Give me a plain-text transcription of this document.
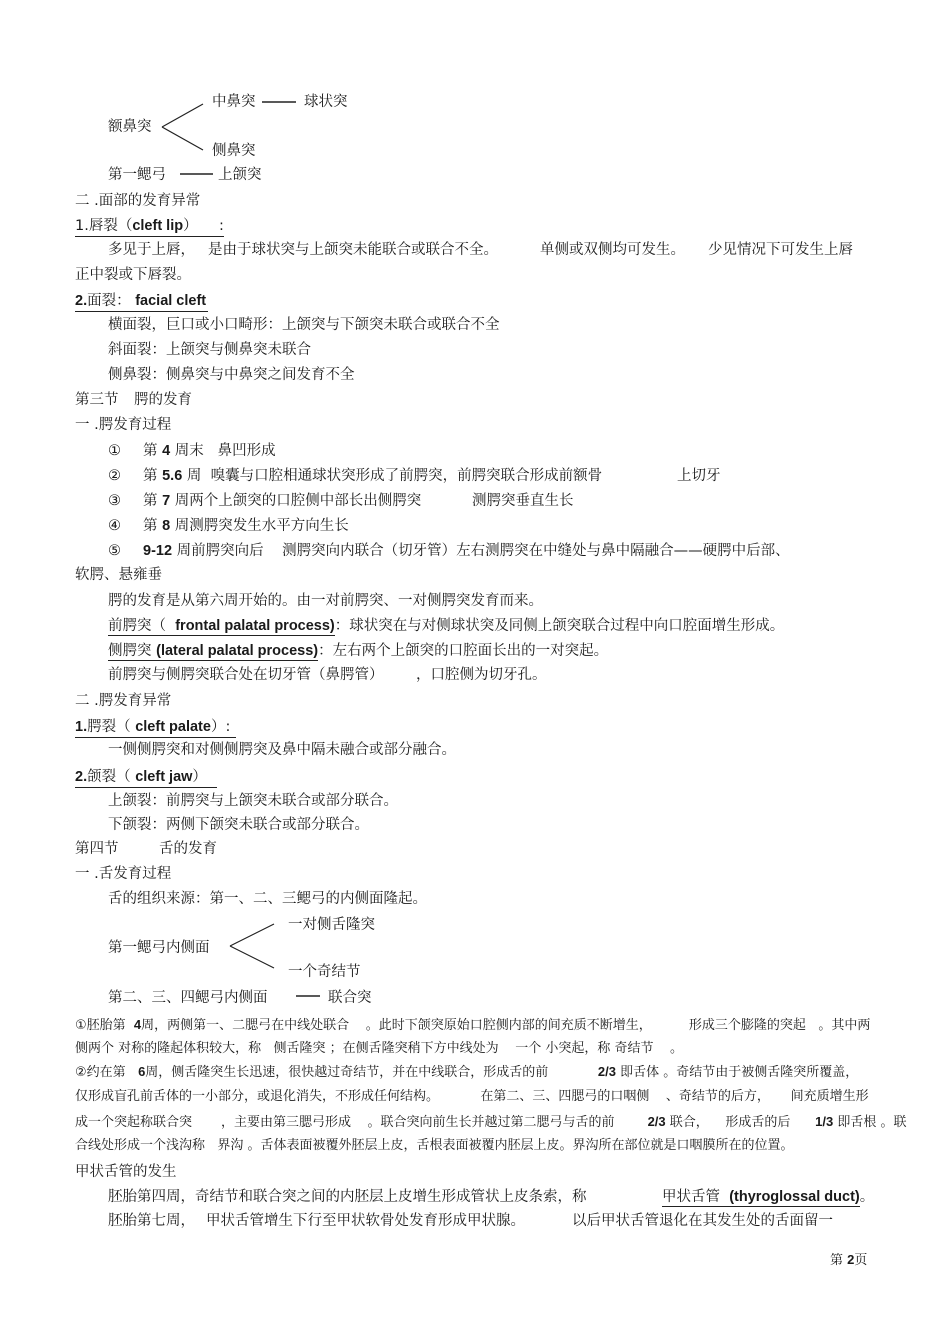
中鼻突	球状突
额鼻突
侧鼻突
第一鳃弓	上颌突
二 .面部的发育异常
1.唇裂（cleft lip）	:
多见于上唇， 是由于球状突与上颌突未能联合或联合不全。	单侧或双侧均可发生。 少见情况下可发生上唇
正中裂或下唇裂。
2.面裂： facial cleft
横面裂，巨口或小口畸形：上颌突与下颌突未联合或联合不全
斜面裂：上颌突与侧鼻突未联合
侧鼻裂：侧鼻突与中鼻突之间发育不全
第三节 腭的发育
一 .腭发育过程
① 第 4 周末 鼻凹形成
② 第 5.6 周 嗅囊与口腔相通球状突形成了前腭突，前腭突联合形成前额骨	上切牙
③ 第 7 周两个上颌突的口腔侧中部长出侧腭突	测腭突垂直生长
④ 第 8 周测腭突发生水平方向生长
⑤ 9-12 周前腭突向后 测腭突向内联合（切牙管）左右测腭突在中缝处与鼻中隔融合——硬腭中后部、
软腭、悬雍垂
腭的发育是从第六周开始的。由一对前腭突、一对侧腭突发育而来。
前腭突（ frontal palatal process)：球状突在与对侧球状突及同侧上颌突联合过程中向口腔面增生形成。
侧腭突 (lateral palatal process)：左右两个上颌突的口腔面长出的一对突起。
前腭突与侧腭突联合处在切牙管（鼻腭管） ，口腔侧为切牙孔。
二 .腭发育异常
1.腭裂（ cleft palate）:
一侧侧腭突和对侧侧腭突及鼻中隔未融合或部分融合。
2.颌裂（ cleft jaw）
上颌裂：前腭突与上颌突未联合或部分联合。
下颌裂：两侧下颌突未联合或部分联合。
第四节	舌的发育
一 .舌发育过程
舌的组织来源：第一、二、三鳃弓的内侧面隆起。
一对侧舌隆突
第一鳃弓内侧面
一个奇结节
第二、三、四鳃弓内侧面	联合突
①胚胎第 4周，两侧第一、二腮弓在中线处联合 。此时下颌突原始口腔侧内部的间充质不断增生，	形成三个膨隆的突起 。其中两
侧两个 对称的隆起体积较大，称 侧舌隆突 ；在侧舌隆突稍下方中线处为 一个 小突起，称 奇结节 。
②约在第 6周，侧舌隆突生长迅速，很快越过奇结节，并在中线联合，形成舌的前	2/3 即舌体 。奇结节由于被侧舌隆突所覆盖，
仅形成盲孔前舌体的一小部分，或退化消失，不形成任何结构。	在第二、三、四腮弓的口咽侧 、奇结节的后方， 间充质增生形
成一个突起称联合突 ，主要由第三腮弓形成 。联合突向前生长并越过第二腮弓与舌的前	2/3 联合， 形成舌的后 1/3 即舌根 。联
合线处形成一个浅沟称 界沟 。舌体表面被覆外胚层上皮，舌根表面被覆内胚层上皮。界沟所在部位就是口咽膜所在的位置。
甲状舌管的发生
胚胎第四周，奇结节和联合突之间的内胚层上皮增生形成管状上皮条索，称	甲状舌管 (thyroglossal duct)。
胚胎第七周， 甲状舌管增生下行至甲状软骨处发育形成甲状腺。	以后甲状舌管退化在其发生处的舌面留一
第 2页
